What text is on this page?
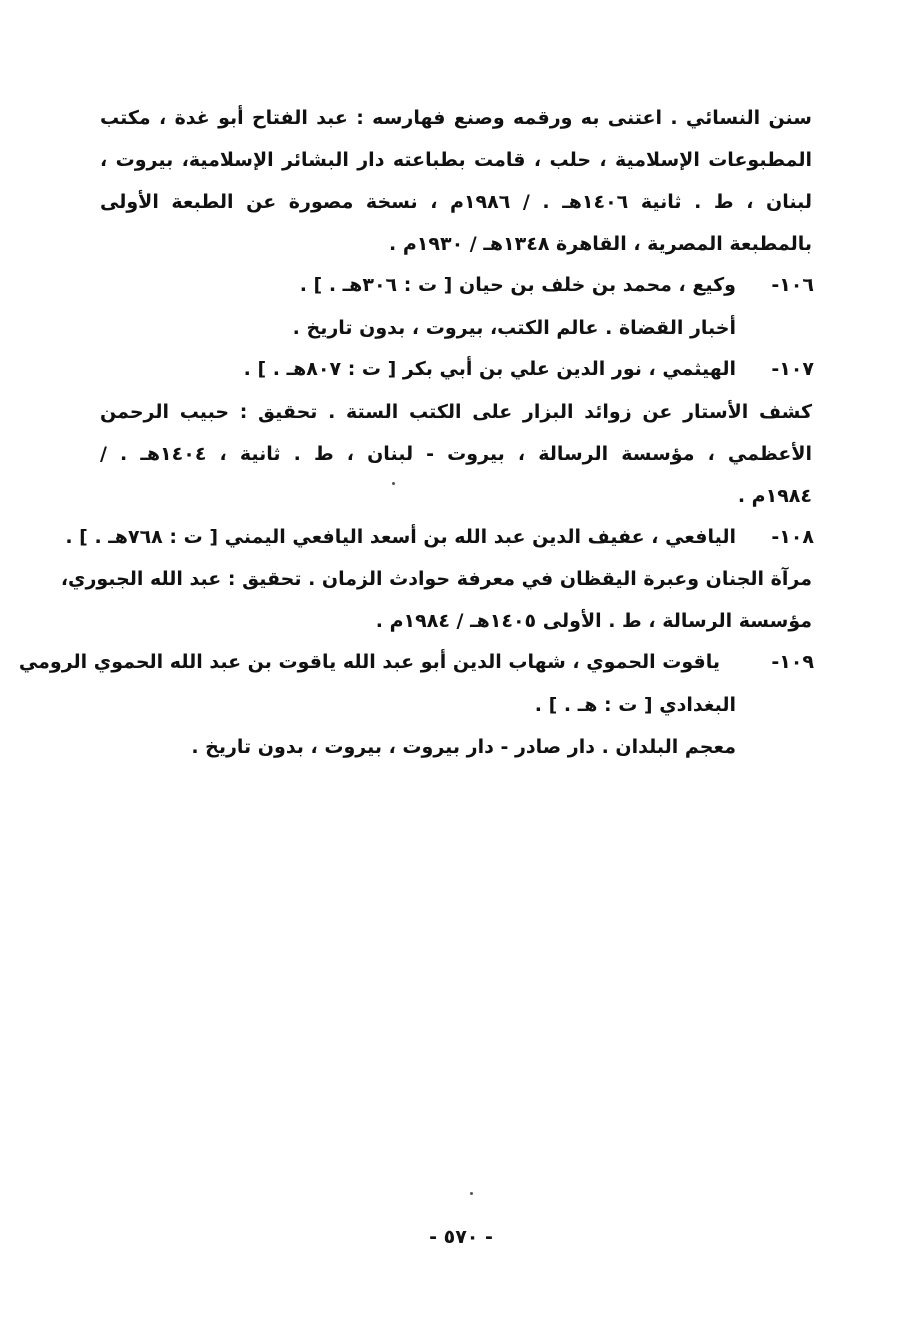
سنن النسائي . اعتنى به ورقمه وصنع فهارسه : عبد الفتاح أبو غدة ، مكتب
المطبوعات الإسلامية ، حلب ، قامت بطباعته دار البشائر الإسلامية، بيروت ،
لبنان ، ط . ثانية ١٤٠٦هـ . / ١٩٨٦م ، نسخة مصورة عن الطبعة الأولى
بالمطبعة المصرية ، القاهرة ١٣٤٨هـ / ١٩٣٠م .
١٠٦-
وكيع ، محمد بن خلف بن حيان [ ت : ٣٠٦هـ . ] .
أخبار القضاة . عالم الكتب، بيروت ، بدون تاريخ .
١٠٧-
الهيثمي ، نور الدين علي بن أبي بكر [ ت : ٨٠٧هـ . ] .
كشف الأستار عن زوائد البزار على الكتب الستة . تحقيق : حبيب الرحمن
الأعظمي ، مؤسسة الرسالة ، بيروت - لبنان ، ط . ثانية ، ١٤٠٤هـ . /
١٩٨٤م .
١٠٨-
اليافعي ، عفيف الدين عبد الله بن أسعد اليافعي اليمني [ ت : ٧٦٨هـ . ] .
مرآة الجنان وعبرة اليقظان في معرفة حوادث الزمان . تحقيق : عبد الله الجبوري،
مؤسسة الرسالة ، ط . الأولى ١٤٠٥هـ / ١٩٨٤م .
١٠٩-
ياقوت الحموي ، شهاب الدين أبو عبد الله ياقوت بن عبد الله الحموي الرومي
البغدادي [ ت : هـ . ] .
معجم البلدان . دار صادر - دار بيروت ، بيروت ، بدون تاريخ .
- ٥٧٠ -
